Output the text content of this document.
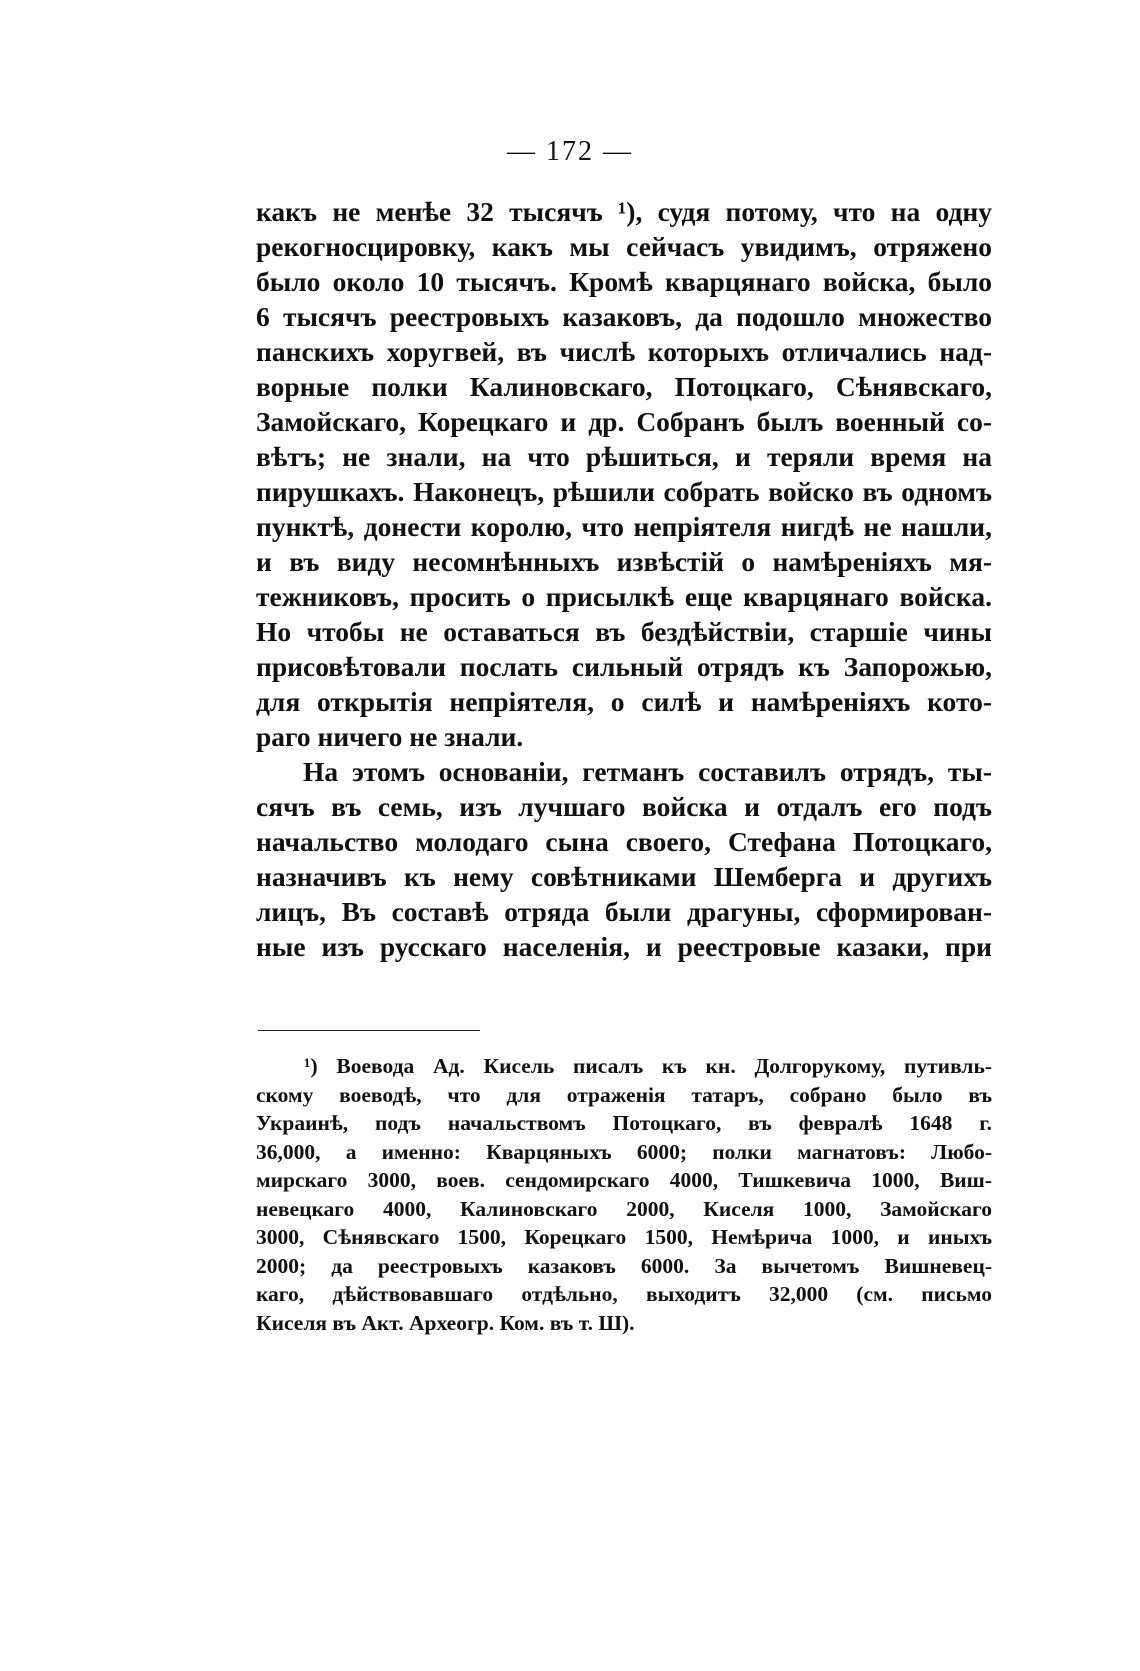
— 172 —
какъ не менѣе 32 тысячъ ¹), судя потому, что на одну
рекогносцировку, какъ мы сейчасъ увидимъ, отряжено
было около 10 тысячъ. Кромѣ кварцянаго войска, было
6 тысячъ реестровыхъ казаковъ, да подошло множество
панскихъ хоругвей, въ числѣ которыхъ отличались над-
ворные полки Калиновскаго, Потоцкаго, Сѣнявскаго,
Замойскаго, Корецкаго и др. Собранъ былъ военный со-
вѣтъ; не знали, на что рѣшиться, и теряли время на
пирушкахъ. Наконецъ, рѣшили собрать войско въ одномъ
пунктѣ, донести королю, что непріятеля нигдѣ не нашли,
и въ виду несомнѣнныхъ извѣстій о намѣреніяхъ мя-
тежниковъ, просить о присылкѣ еще кварцянаго войска.
Но чтобы не оставаться въ бездѣйствіи, старшіе чины
присовѣтовали послать сильный отрядъ къ Запорожью,
для открытія непріятеля, о силѣ и намѣреніяхъ кото-
раго ничего не знали.
На этомъ основаніи, гетманъ составилъ отрядъ, ты-
сячъ въ семь, изъ лучшаго войска и отдалъ его подъ
начальство молодаго сына своего, Стефана Потоцкаго,
назначивъ къ нему совѣтниками Шемберга и другихъ
лицъ, Въ составѣ отряда были драгуны, сформирован-
ные изъ русскаго населенія, и реестровые казаки, при
¹) Воевода Ад. Кисель писалъ къ кн. Долгорукому, путивль-
скому воеводѣ, что для отраженія татаръ, собрано было въ
Украинѣ, подъ начальствомъ Потоцкаго, въ февралѣ 1648 г.
36,000, а именно: Кварцяныхъ 6000; полки магнатовъ: Любо-
мирскаго 3000, воев. сендомирскаго 4000, Тишкевича 1000, Виш-
невецкаго 4000, Калиновскаго 2000, Киселя 1000, Замойскаго
3000, Сѣнявскаго 1500, Корецкаго 1500, Немѣрича 1000, и иныхъ
2000; да реестровыхъ казаковъ 6000. За вычетомъ Вишневец-
каго, дѣйствовавшаго отдѣльно, выходитъ 32,000 (см. письмо
Киселя въ Акт. Археогр. Ком. въ т. Ш).
